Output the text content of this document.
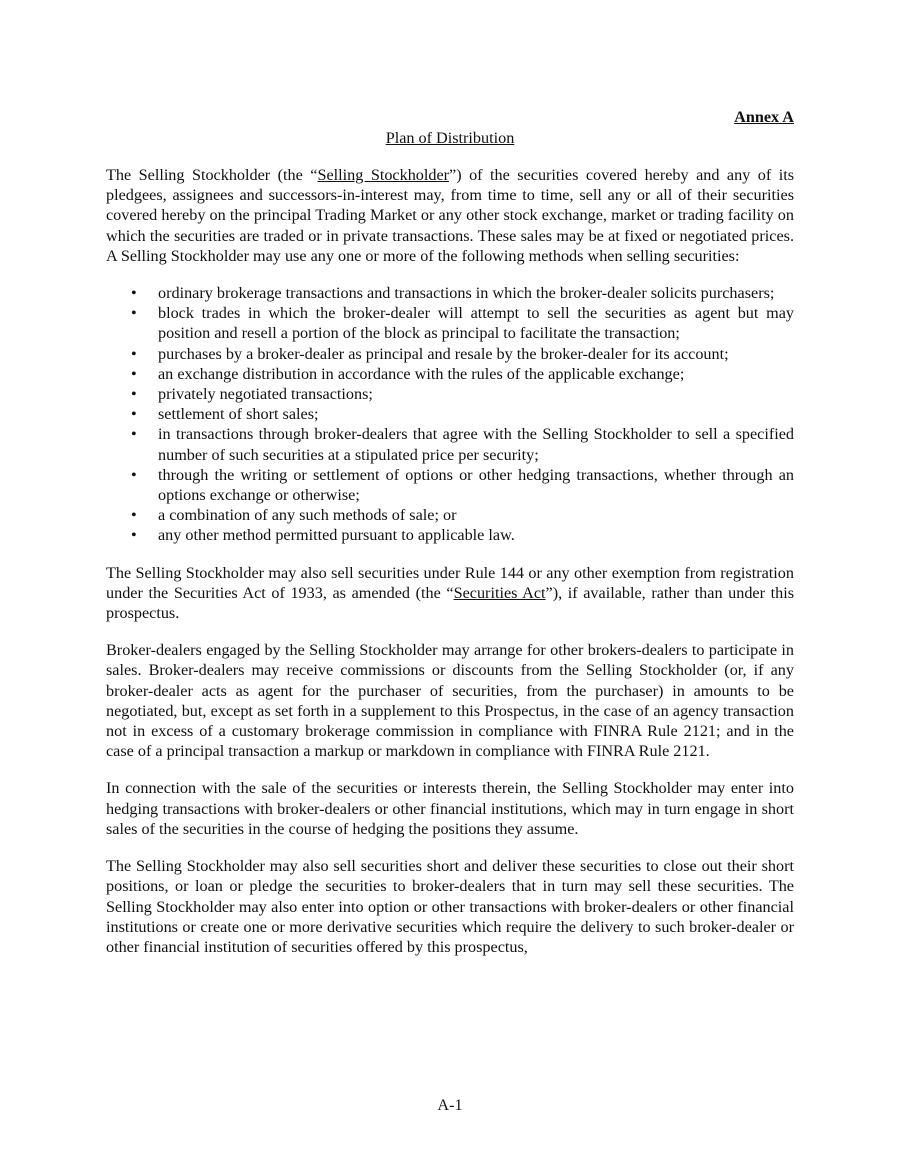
Annex A
Plan of Distribution

The Selling Stockholder (the “Selling Stockholder”) of the securities covered hereby and any of its pledgees, assignees and successors-in-interest may, from time to time, sell any or all of their securities covered hereby on the principal Trading Market or any other stock exchange, market or trading facility on which the securities are traded or in private transactions. These sales may be at fixed or negotiated prices. A Selling Stockholder may use any one or more of the following methods when selling securities:

• ordinary brokerage transactions and transactions in which the broker-dealer solicits purchasers;
• block trades in which the broker-dealer will attempt to sell the securities as agent but may position and resell a portion of the block as principal to facilitate the transaction;
• purchases by a broker-dealer as principal and resale by the broker-dealer for its account;
• an exchange distribution in accordance with the rules of the applicable exchange;
• privately negotiated transactions;
• settlement of short sales;
• in transactions through broker-dealers that agree with the Selling Stockholder to sell a specified number of such securities at a stipulated price per security;
• through the writing or settlement of options or other hedging transactions, whether through an options exchange or otherwise;
• a combination of any such methods of sale; or
• any other method permitted pursuant to applicable law.

The Selling Stockholder may also sell securities under Rule 144 or any other exemption from registration under the Securities Act of 1933, as amended (the “Securities Act”), if available, rather than under this prospectus.

Broker-dealers engaged by the Selling Stockholder may arrange for other brokers-dealers to participate in sales. Broker-dealers may receive commissions or discounts from the Selling Stockholder (or, if any broker-dealer acts as agent for the purchaser of securities, from the purchaser) in amounts to be negotiated, but, except as set forth in a supplement to this Prospectus, in the case of an agency transaction not in excess of a customary brokerage commission in compliance with FINRA Rule 2121; and in the case of a principal transaction a markup or markdown in compliance with FINRA Rule 2121.

In connection with the sale of the securities or interests therein, the Selling Stockholder may enter into hedging transactions with broker-dealers or other financial institutions, which may in turn engage in short sales of the securities in the course of hedging the positions they assume.

The Selling Stockholder may also sell securities short and deliver these securities to close out their short positions, or loan or pledge the securities to broker-dealers that in turn may sell these securities. The Selling Stockholder may also enter into option or other transactions with broker-dealers or other financial institutions or create one or more derivative securities which require the delivery to such broker-dealer or other financial institution of securities offered by this prospectus,

A-1
